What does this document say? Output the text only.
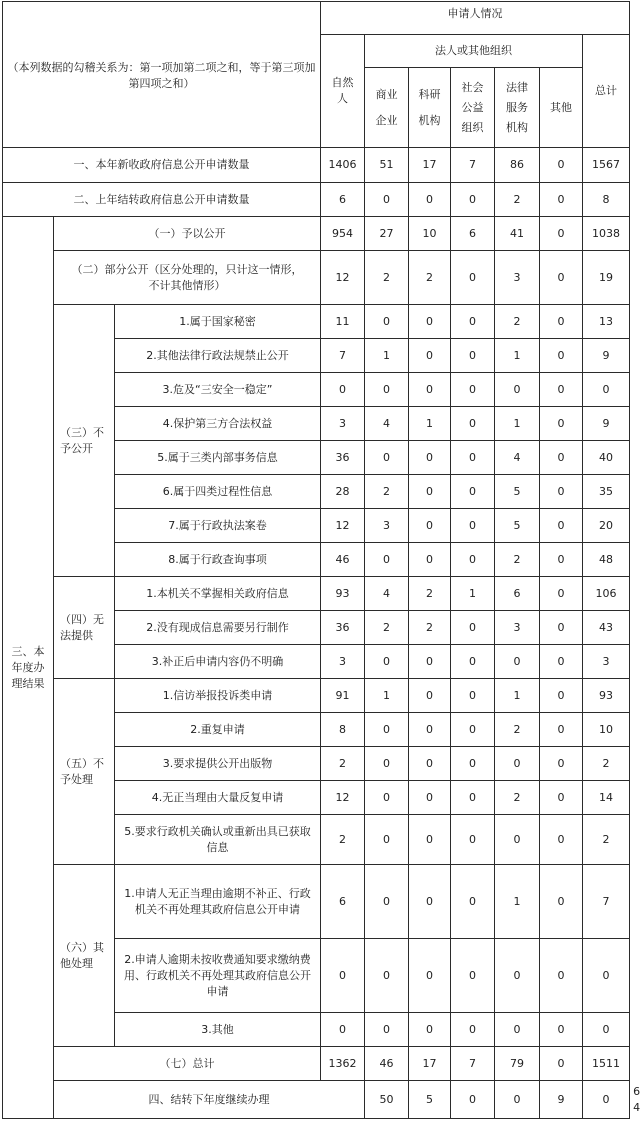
（本列数据的勾稽关系为：第一项加第二项之和，等于第三项加第四项之和）			申请人情况							
			自然人	法人或其他组织					总计	
				商业企业	科研机构	社会公益组织	法律服务机构	其他		
一、本年新收政府信息公开申请数量			1406	51	17	7	86	0	1567	
二、上年结转政府信息公开申请数量			6	0	0	0	2	0	8	
三、本年度办理结果	（一）予以公开		954	27	10	6	41	0	1038	
	（二）部分公开（区分处理的，只计这一情形，不计其他情形）		12	2	2	0	3	0	19	
	（三）不予公开	1.属于国家秘密	11	0	0	0	2	0	13	
		2.其他法律行政法规禁止公开	7	1	0	0	1	0	9	
		3.危及“三安全一稳定”	0	0	0	0	0	0	0	
		4.保护第三方合法权益	3	4	1	0	1	0	9	
		5.属于三类内部事务信息	36	0	0	0	4	0	40	
		6.属于四类过程性信息	28	2	0	0	5	0	35	
		7.属于行政执法案卷	12	3	0	0	5	0	20	
		8.属于行政查询事项	46	0	0	0	2	0	48	
	（四）无法提供	1.本机关不掌握相关政府信息	93	4	2	1	6	0	106	
		2.没有现成信息需要另行制作	36	2	2	0	3	0	43	
		3.补正后申请内容仍不明确	3	0	0	0	0	0	3	
	（五）不予处理	1.信访举报投诉类申请	91	1	0	0	1	0	93	
		2.重复申请	8	0	0	0	2	0	10	
		3.要求提供公开出版物	2	0	0	0	0	0	2	
		4.无正当理由大量反复申请	12	0	0	0	2	0	14	
		5.要求行政机关确认或重新出具已获取信息	2	0	0	0	0	0	2	
	（六）其他处理	1.申请人无正当理由逾期不补正、行政机关不再处理其政府信息公开申请	6	0	0	0	1	0	7	
		2.申请人逾期未按收费通知要求缴纳费用、行政机关不再处理其政府信息公开申请	0	0	0	0	0	0	0	
		3.其他	0	0	0	0	0	0	0	
	（七）总计		1362	46	17	7	79	0	1511	
	四、结转下年度继续办理			50	5	0	0	9	0	64
